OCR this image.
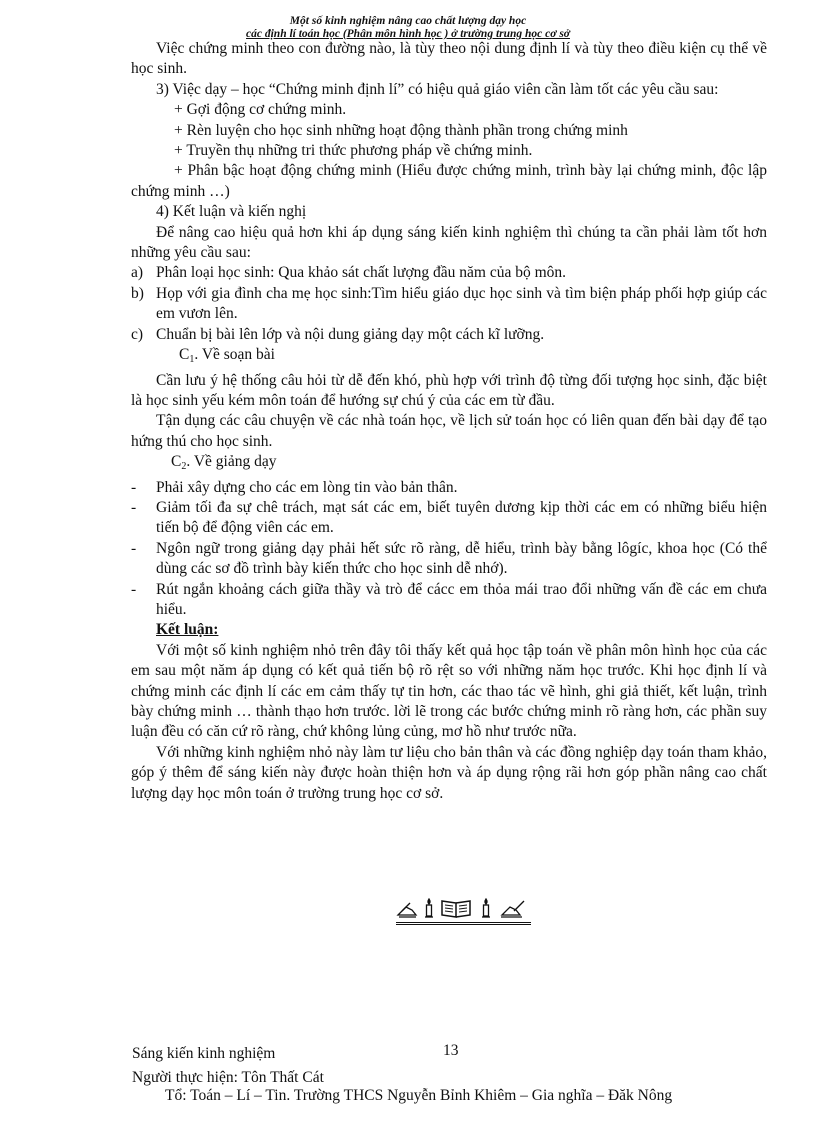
Một số kinh nghiệm nâng cao chất lượng dạy học
các định lí toán học (Phân môn hình học ) ở trường trung học cơ sở

Việc chứng minh theo con đường nào, là tùy theo nội dung định lí và tùy theo điều kiện cụ thể về học sinh.

3) Việc dạy – học “Chứng minh định lí” có hiệu quả giáo viên cần làm tốt các yêu cầu sau:

+ Gợi động cơ chứng minh.

+ Rèn luyện cho học sinh những hoạt động thành phần trong chứng minh

+ Truyền thụ những tri thức phương pháp về chứng minh.

+ Phân bậc hoạt động chứng minh (Hiểu được chứng minh, trình bày lại chứng minh, độc lập chứng minh …)

4) Kết luận và kiến nghị

Để nâng cao hiệu quả hơn khi áp dụng sáng kiến kinh nghiệm thì chúng ta cần phải làm tốt hơn những yêu cầu sau:

a) Phân loại học sinh: Qua khảo sát chất lượng đầu năm của bộ môn.
b) Họp với gia đình cha mẹ học sinh:Tìm hiểu giáo dục học sinh và tìm biện pháp phối hợp giúp các em vươn lên.
c) Chuẩn bị bài lên lớp và nội dung giảng dạy một cách kĩ lưỡng.

C1. Về soạn bài

Cần lưu ý hệ thống câu hỏi từ dễ đến khó, phù hợp với trình độ từng đối tượng học sinh, đặc biệt là học sinh yếu kém môn toán để hướng sự chú ý của các em từ đầu.

Tận dụng các câu chuyện về các nhà toán học, về lịch sử toán học có liên quan đến bài dạy để tạo hứng thú cho học sinh.

C2. Về giảng dạy

-	Phải xây dựng cho các em lòng tin vào bản thân.
-	Giảm tối đa sự chê trách, mạt sát các em, biết tuyên dương kịp thời các em có những biểu hiện tiến bộ để động viên các em.
-	Ngôn ngữ trong giảng dạy phải hết sức rõ ràng, dễ hiểu, trình bày bằng lôgíc, khoa học (Có thể dùng các sơ đồ trình bày kiến thức cho học sinh dễ nhớ).
-	Rút ngắn khoảng cách giữa thầy và trò để cácc em thỏa mái trao đổi những vấn đề các em chưa hiểu.

Kết luận:

Với một số kinh nghiệm nhỏ trên đây tôi thấy kết quả học tập toán về phân môn hình học của các em sau một năm áp dụng có kết quả tiến bộ rõ rệt so với những năm học trước. Khi học định lí và chứng minh các định lí các em cảm thấy tự tin hơn, các thao tác vẽ hình, ghi giả thiết, kết luận, trình bày chứng minh … thành thạo hơn trước. lời lẽ trong các bước chứng minh rõ ràng hơn, các phần suy luận đều có căn cứ rõ ràng, chứ không lủng củng, mơ hồ như trước nữa.

Với những kinh nghiệm nhỏ này làm tư liệu cho bản thân và các đồng nghiệp dạy toán tham khảo, góp ý thêm để sáng kiến này được hoàn thiện hơn và áp dụng rộng rãi hơn góp phần nâng cao chất lượng dạy học môn toán ở trường trung học cơ sở.

Sáng kiến kinh nghiệm	13
Người thực hiện: Tôn Thất Cát
Tổ: Toán – Lí – Tin. Trường THCS Nguyễn Bỉnh Khiêm – Gia nghĩa – Đăk Nông
